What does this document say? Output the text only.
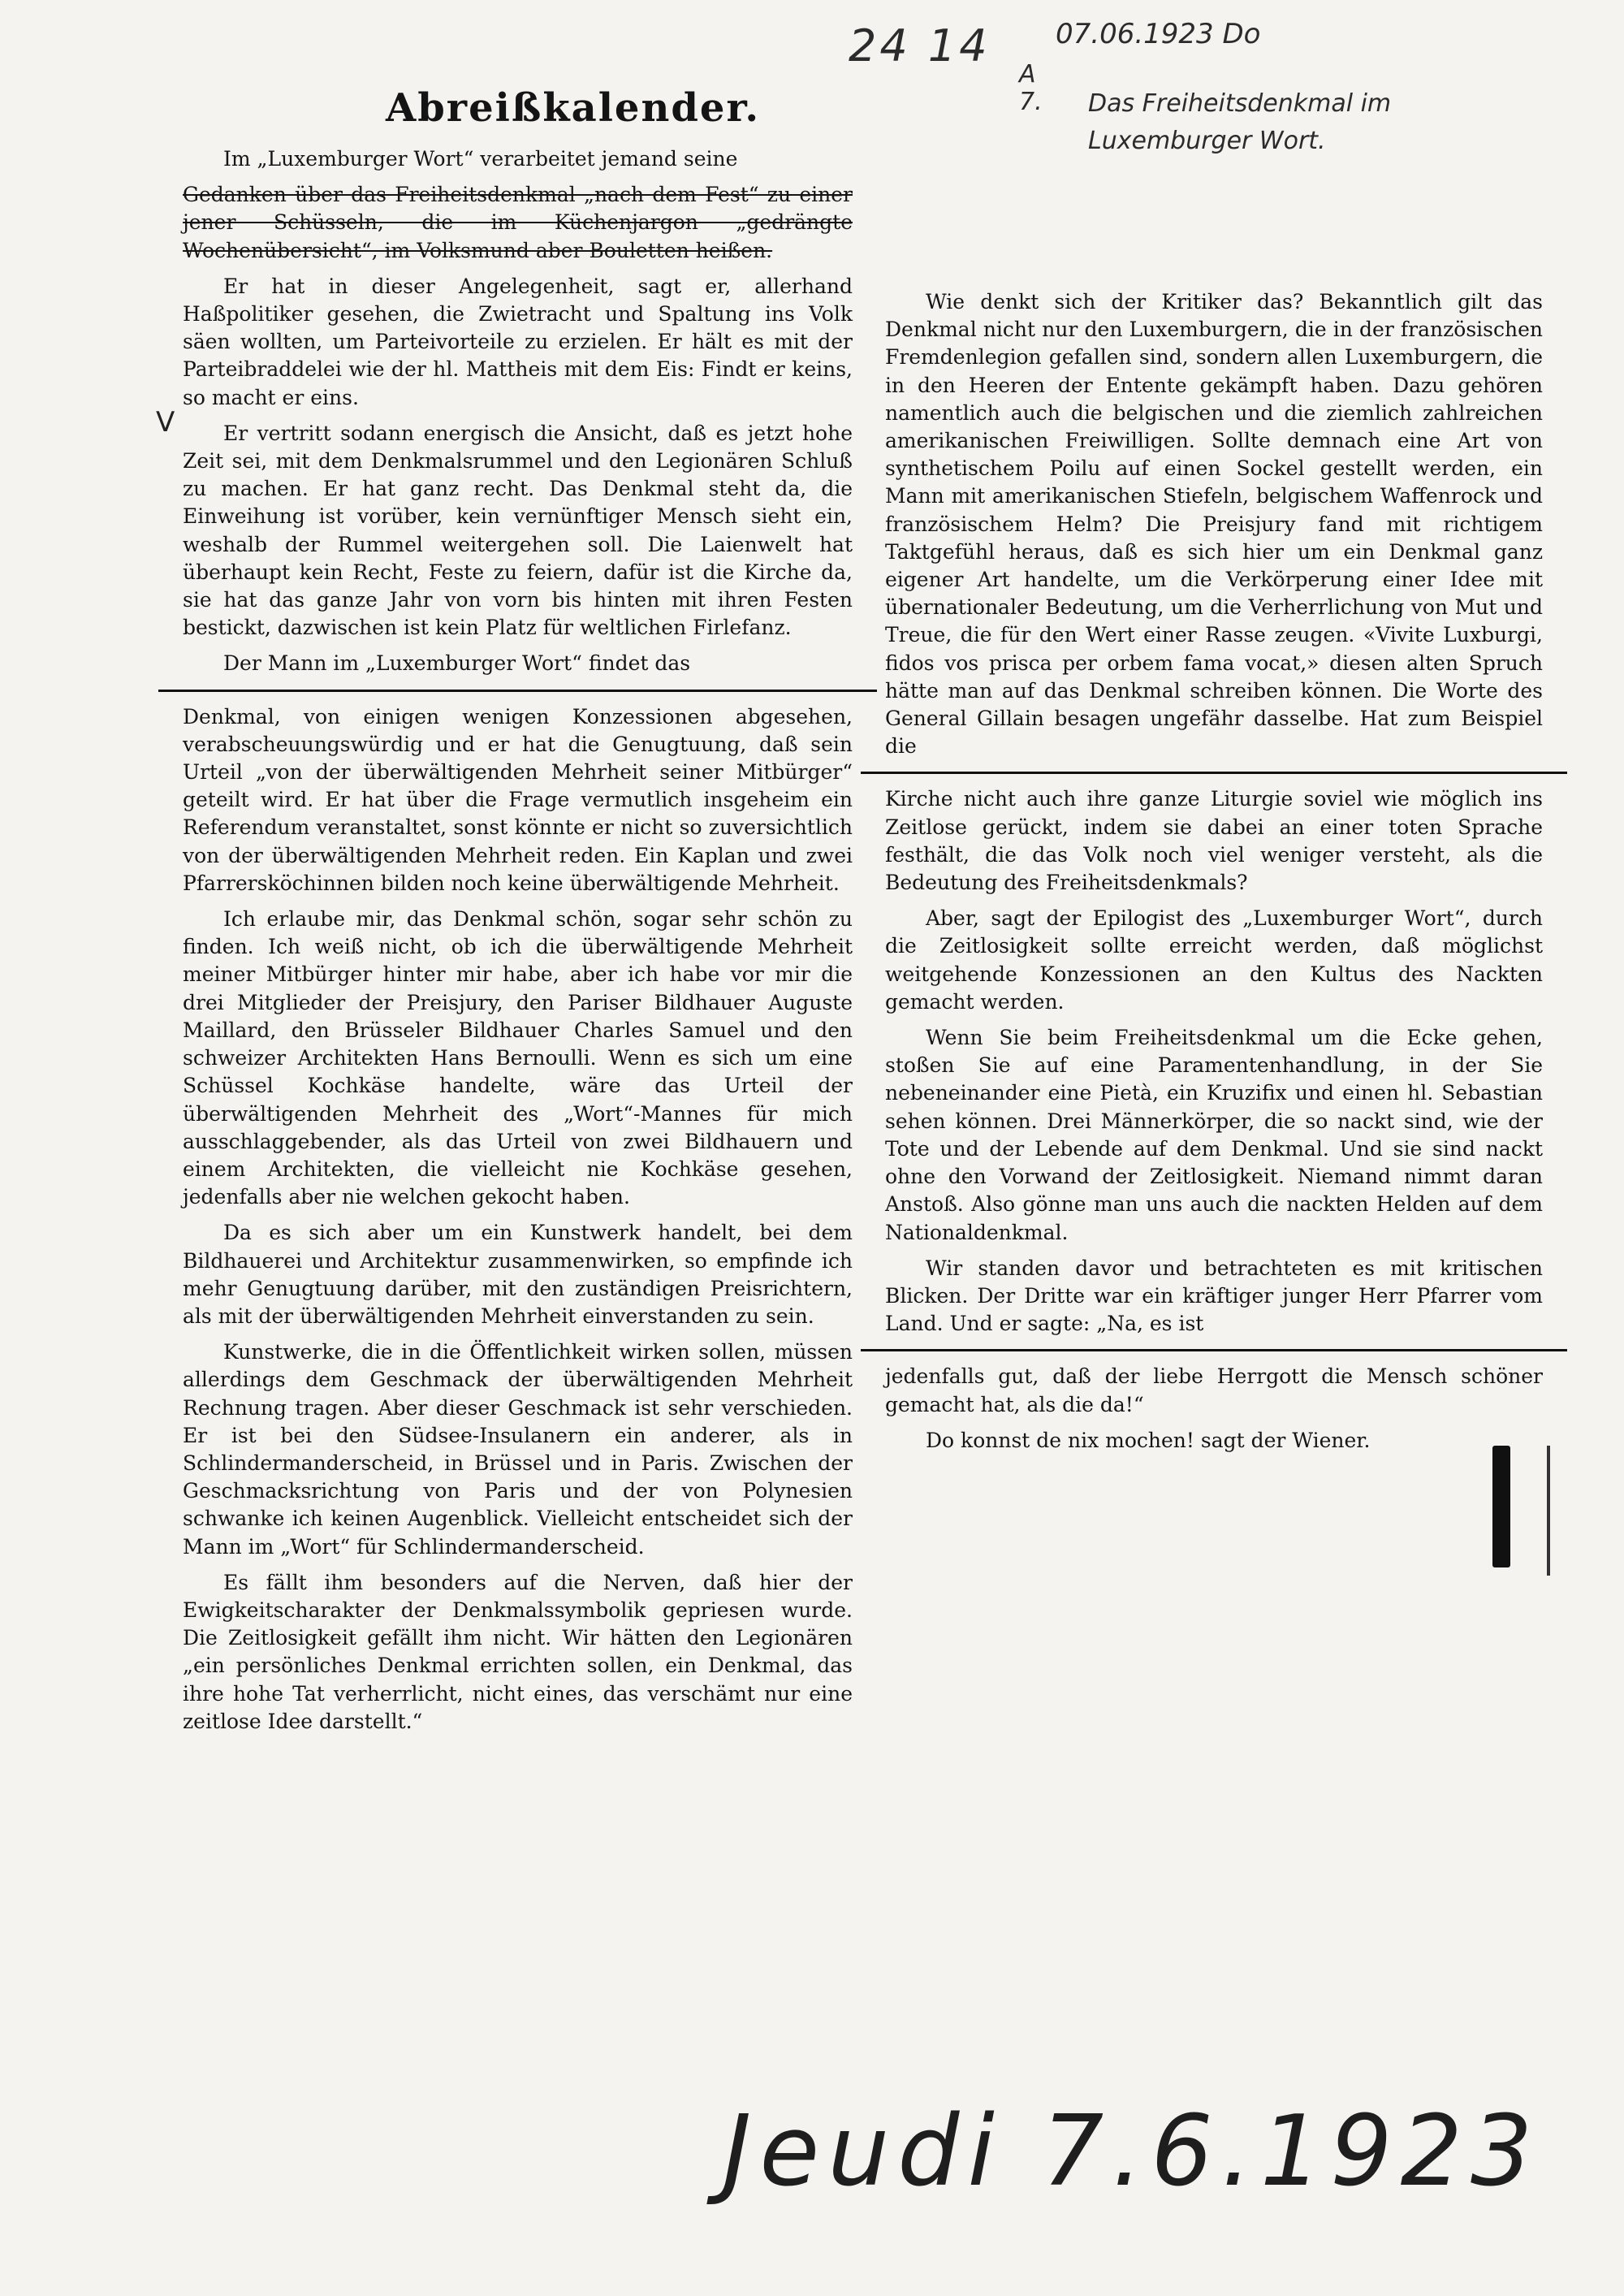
24 14 07.06.1923 Do
A
7. Das Freiheitsdenkmal im Luxemburger Wort.
Abreißkalender.

Im „Luxemburger Wort“ verarbeitet jemand seine

Gedanken über das Freiheitsdenkmal „nach dem Fest“ zu einer jener Schüsseln, die im Küchenjargon „gedrängte Wochenübersicht“, im Volksmund aber Bouletten heißen.

Er hat in dieser Angelegenheit, sagt er, allerhand Haßpolitiker gesehen, die Zwietracht und Spaltung ins Volk säen wollten, um Parteivorteile zu erzielen. Er hält es mit der Parteibraddelei wie der hl. Mattheis mit dem Eis: Findt er keins, so macht er eins.

Er vertritt sodann energisch die Ansicht, daß es jetzt hohe Zeit sei, mit dem Denkmalsrummel und den Legionären Schluß zu machen. Er hat ganz recht. Das Denkmal steht da, die Einweihung ist vorüber, kein vernünftiger Mensch sieht ein, weshalb der Rummel weitergehen soll. Die Laienwelt hat überhaupt kein Recht, Feste zu feiern, dafür ist die Kirche da, sie hat das ganze Jahr von vorn bis hinten mit ihren Festen bestickt, dazwischen ist kein Platz für weltlichen Firlefanz.

Der Mann im „Luxemburger Wort“ findet das

Denkmal, von einigen wenigen Konzessionen abgesehen, verabscheuungswürdig und er hat die Genugtuung, daß sein Urteil „von der überwältigenden Mehrheit seiner Mitbürger“ geteilt wird. Er hat über die Frage vermutlich insgeheim ein Referendum veranstaltet, sonst könnte er nicht so zuversichtlich von der überwältigenden Mehrheit reden. Ein Kaplan und zwei Pfarrersköchinnen bilden noch keine überwältigende Mehrheit.

Ich erlaube mir, das Denkmal schön, sogar sehr schön zu finden. Ich weiß nicht, ob ich die überwältigende Mehrheit meiner Mitbürger hinter mir habe, aber ich habe vor mir die drei Mitglieder der Preisjury, den Pariser Bildhauer Auguste Maillard, den Brüsseler Bildhauer Charles Samuel und den schweizer Architekten Hans Bernoulli. Wenn es sich um eine Schüssel Kochkäse handelte, wäre das Urteil der überwältigenden Mehrheit des „Wort“-Mannes für mich ausschlaggebender, als das Urteil von zwei Bildhauern und einem Architekten, die vielleicht nie Kochkäse gesehen, jedenfalls aber nie welchen gekocht haben.

Da es sich aber um ein Kunstwerk handelt, bei dem Bildhauerei und Architektur zusammenwirken, so empfinde ich mehr Genugtuung darüber, mit den zuständigen Preisrichtern, als mit der überwältigenden Mehrheit einverstanden zu sein.

Kunstwerke, die in die Öffentlichkeit wirken sollen, müssen allerdings dem Geschmack der überwältigenden Mehrheit Rechnung tragen. Aber dieser Geschmack ist sehr verschieden. Er ist bei den Südsee-Insulanern ein anderer, als in Schlindermanderscheid, in Brüssel und in Paris. Zwischen der Geschmacksrichtung von Paris und der von Polynesien schwanke ich keinen Augenblick. Vielleicht entscheidet sich der Mann im „Wort“ für Schlindermanderscheid.

Es fällt ihm besonders auf die Nerven, daß hier der Ewigkeitscharakter der Denkmalssymbolik gepriesen wurde. Die Zeitlosigkeit gefällt ihm nicht. Wir hätten den Legionären „ein persönliches Denkmal errichten sollen, ein Denkmal, das ihre hohe Tat verherrlicht, nicht eines, das verschämt nur eine zeitlose Idee darstellt.“

V

Wie denkt sich der Kritiker das? Bekanntlich gilt das Denkmal nicht nur den Luxemburgern, die in der französischen Fremdenlegion gefallen sind, sondern allen Luxemburgern, die in den Heeren der Entente gekämpft haben. Dazu gehören namentlich auch die belgischen und die ziemlich zahlreichen amerikanischen Freiwilligen. Sollte demnach eine Art von synthetischem Poilu auf einen Sockel gestellt werden, ein Mann mit amerikanischen Stiefeln, belgischem Waffenrock und französischem Helm? Die Preisjury fand mit richtigem Taktgefühl heraus, daß es sich hier um ein Denkmal ganz eigener Art handelte, um die Verkörperung einer Idee mit übernationaler Bedeutung, um die Verherrlichung von Mut und Treue, die für den Wert einer Rasse zeugen. «Vivite Luxburgi, fidos vos prisca per orbem fama vocat,» diesen alten Spruch hätte man auf das Denkmal schreiben können. Die Worte des General Gillain besagen ungefähr dasselbe. Hat zum Beispiel die

Kirche nicht auch ihre ganze Liturgie soviel wie möglich ins Zeitlose gerückt, indem sie dabei an einer toten Sprache festhält, die das Volk noch viel weniger versteht, als die Bedeutung des Freiheitsdenkmals?

Aber, sagt der Epilogist des „Luxemburger Wort“, durch die Zeitlosigkeit sollte erreicht werden, daß möglichst weitgehende Konzessionen an den Kultus des Nackten gemacht werden.

Wenn Sie beim Freiheitsdenkmal um die Ecke gehen, stoßen Sie auf eine Paramentenhandlung, in der Sie nebeneinander eine Pietà, ein Kruzifix und einen hl. Sebastian sehen können. Drei Männerkörper, die so nackt sind, wie der Tote und der Lebende auf dem Denkmal. Und sie sind nackt ohne den Vorwand der Zeitlosigkeit. Niemand nimmt daran Anstoß. Also gönne man uns auch die nackten Helden auf dem Nationaldenkmal.

Wir standen davor und betrachteten es mit kritischen Blicken. Der Dritte war ein kräftiger junger Herr Pfarrer vom Land. Und er sagte: „Na, es ist

jedenfalls gut, daß der liebe Herrgott die Mensch schöner gemacht hat, als die da!“

Do konnst de nix mochen! sagt der Wiener.

Jeudi 7.6.1923
